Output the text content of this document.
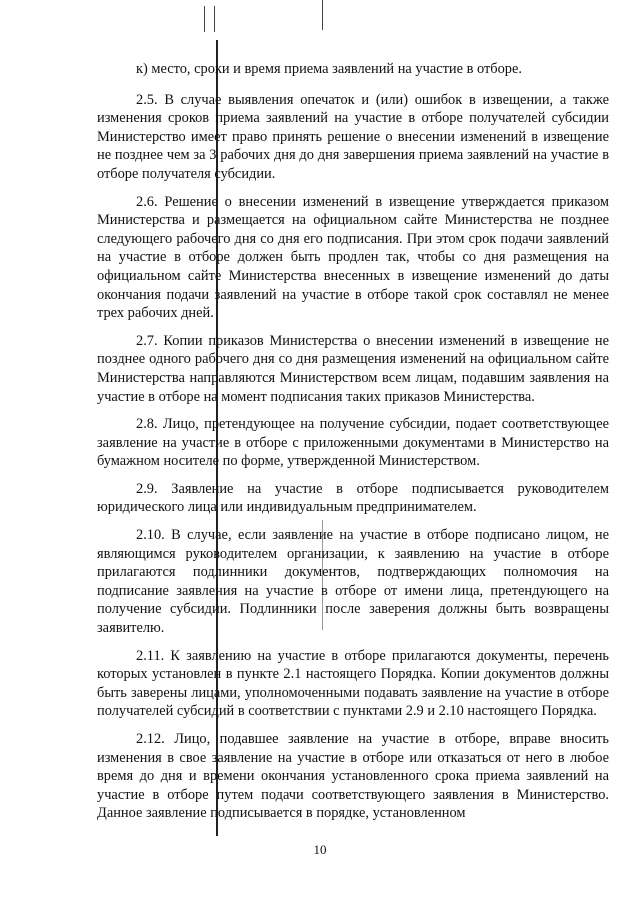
к) место, сроки и время приема заявлений на участие в отборе.

2.5. В случае выявления опечаток и (или) ошибок в извещении, а также изменения сроков приема заявлений на участие в отборе получателей субсидии Министерство имеет право принять решение о внесении изменений в извещение не позднее чем за 3 рабочих дня до дня завершения приема заявлений на участие в отборе получателя субсидии.

2.6. Решение о внесении изменений в извещение утверждается приказом Министерства и размещается на официальном сайте Министерства не позднее следующего рабочего дня со дня его подписания. При этом срок подачи заявлений на участие в отборе должен быть продлен так, чтобы со дня размещения на официальном сайте Министерства внесенных в извещение изменений до даты окончания подачи заявлений на участие в отборе такой срок составлял не менее трех рабочих дней.

2.7. Копии приказов Министерства о внесении изменений в извещение не позднее одного рабочего дня со дня размещения изменений на официальном сайте Министерства направляются Министерством всем лицам, подавшим заявления на участие в отборе на момент подписания таких приказов Министерства.

2.8. Лицо, претендующее на получение субсидии, подает соответствующее заявление на участие в отборе с приложенными документами в Министерство на бумажном носителе по форме, утвержденной Министерством.

2.9. Заявление на участие в отборе подписывается руководителем юридического лица или индивидуальным предпринимателем.

2.10. В случае, если заявление на участие в отборе подписано лицом, не являющимся руководителем организации, к заявлению на участие в отборе прилагаются подлинники документов, подтверждающих полномочия на подписание заявления на участие в отборе от имени лица, претендующего на получение субсидии. Подлинники после заверения должны быть возвращены заявителю.

2.11. К заявлению на участие в отборе прилагаются документы, перечень которых установлен в пункте 2.1 настоящего Порядка. Копии документов должны быть заверены лицами, уполномоченными подавать заявление на участие в отборе получателей субсидий в соответствии с пунктами 2.9 и 2.10 настоящего Порядка.

2.12. Лицо, подавшее заявление на участие в отборе, вправе вносить изменения в свое заявление на участие в отборе или отказаться от него в любое время до дня и времени окончания установленного срока приема заявлений на участие в отборе путем подачи соответствующего заявления в Министерство. Данное заявление подписывается в порядке, установленном

10
